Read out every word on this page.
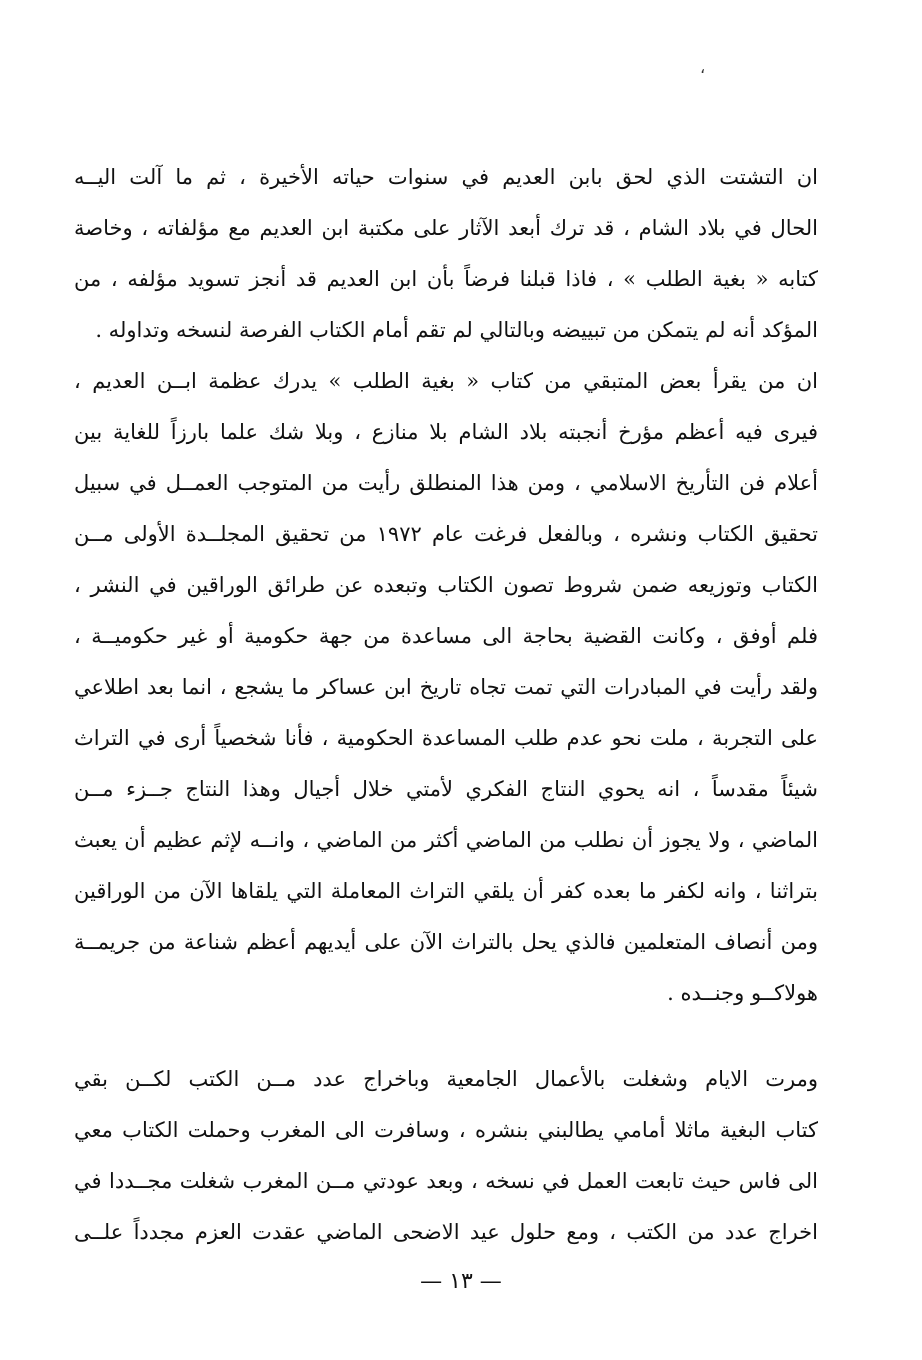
،
ان التشتت الذي لحق بابن العديم في سنوات حياته الأخيرة ، ثم ما آلت اليــه
الحال في بلاد الشام ، قد ترك أبعد الآثار على مكتبة ابن العديم مع مؤلفاته ، وخاصة
كتابه « بغية الطلب » ، فاذا قبلنا فرضاً بأن ابن العديم قد أنجز تسويد مؤلفه ، من
المؤكد أنه لم يتمكن من تبييضه وبالتالي لم تقم أمام الكتاب الفرصة لنسخه وتداوله .
ان من يقرأ بعض المتبقي من كتاب « بغية الطلب » يدرك عظمة ابــن العديم ،
فيرى فيه أعظم مؤرخ أنجبته بلاد الشام بلا منازع ، وبلا شك علما بارزاً للغاية بين
أعلام فن التأريخ الاسلامي ، ومن هذا المنطلق رأيت من المتوجب العمــل في سبيل
تحقيق الكتاب ونشره ، وبالفعل فرغت عام ١٩٧٢ من تحقيق المجلــدة الأولى مــن
الكتاب وتوزيعه ضمن شروط تصون الكتاب وتبعده عن طرائق الوراقين في النشر ،
فلم أوفق ، وكانت القضية بحاجة الى مساعدة من جهة حكومية أو غير حكوميــة ،
ولقد رأيت في المبادرات التي تمت تجاه تاريخ ابن عساكر ما يشجع ، انما بعد اطلاعي
على التجربة ، ملت نحو عدم طلب المساعدة الحكومية ، فأنا شخصياً أرى في التراث
شيئاً مقدساً ، انه يحوي النتاج الفكري لأمتي خلال أجيال وهذا النتاج جــزء مــن
الماضي ، ولا يجوز أن نطلب من الماضي أكثر من الماضي ، وانــه لإثم عظيم أن يعبث
بتراثنا ، وانه لكفر ما بعده كفر أن يلقي التراث المعاملة التي يلقاها الآن من الوراقين
ومن أنصاف المتعلمين فالذي يحل بالتراث الآن على أيديهم أعظم شناعة من جريمــة
هولاكــو وجنــده .
ومرت الايام وشغلت بالأعمال الجامعية وباخراج عدد مــن الكتب لكــن بقي
كتاب البغية ماثلا أمامي يطالبني بنشره ، وسافرت الى المغرب وحملت الكتاب معي
الى فاس حيث تابعت العمل في نسخه ، وبعد عودتي مــن المغرب شغلت مجــددا في
اخراج عدد من الكتب ، ومع حلول عيد الاضحى الماضي عقدت العزم مجدداً علــى
— ١٣ —
